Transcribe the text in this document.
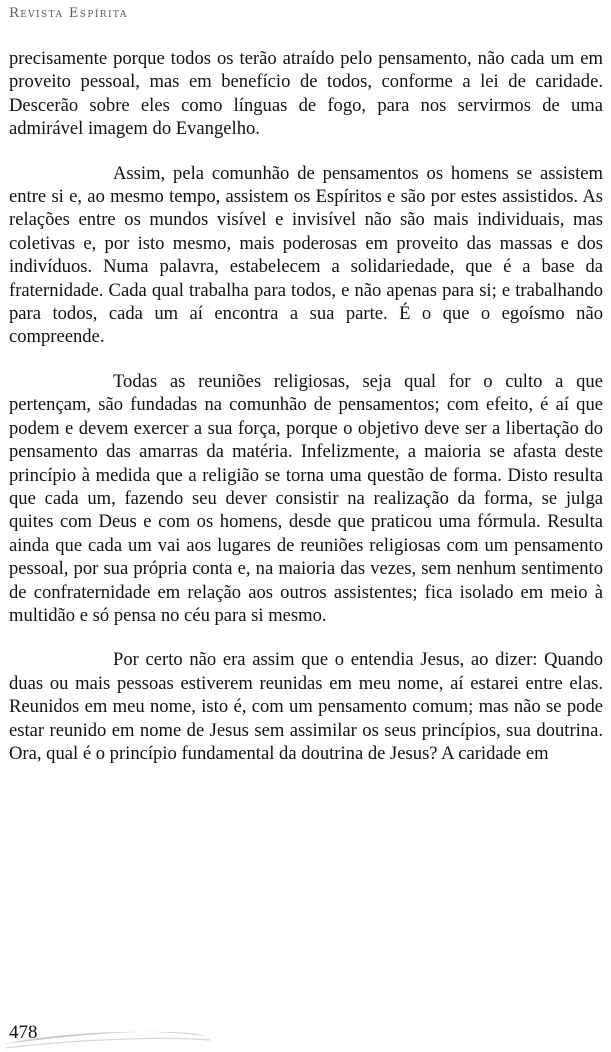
Revista Espírita

precisamente porque todos os terão atraído pelo pensamento, não cada um em proveito pessoal, mas em benefício de todos, conforme a lei de caridade. Descerão sobre eles como línguas de fogo, para nos servirmos de uma admirável imagem do Evangelho.

Assim, pela comunhão de pensamentos os homens se assistem entre si e, ao mesmo tempo, assistem os Espíritos e são por estes assistidos. As relações entre os mundos visível e invisível não são mais individuais, mas coletivas e, por isto mesmo, mais poderosas em proveito das massas e dos indivíduos. Numa palavra, estabelecem a solidariedade, que é a base da fraternidade. Cada qual trabalha para todos, e não apenas para si; e trabalhando para todos, cada um aí encontra a sua parte. É o que o egoísmo não compreende.

Todas as reuniões religiosas, seja qual for o culto a que pertençam, são fundadas na comunhão de pensamentos; com efeito, é aí que podem e devem exercer a sua força, porque o objetivo deve ser a libertação do pensamento das amarras da matéria. Infelizmente, a maioria se afasta deste princípio à medida que a religião se torna uma questão de forma. Disto resulta que cada um, fazendo seu dever consistir na realização da forma, se julga quites com Deus e com os homens, desde que praticou uma fórmula. Resulta ainda que cada um vai aos lugares de reuniões religiosas com um pensamento pessoal, por sua própria conta e, na maioria das vezes, sem nenhum sentimento de confraternidade em relação aos outros assistentes; fica isolado em meio à multidão e só pensa no céu para si mesmo.

Por certo não era assim que o entendia Jesus, ao dizer: Quando duas ou mais pessoas estiverem reunidas em meu nome, aí estarei entre elas. Reunidos em meu nome, isto é, com um pensamento comum; mas não se pode estar reunido em nome de Jesus sem assimilar os seus princípios, sua doutrina. Ora, qual é o princípio fundamental da doutrina de Jesus? A caridade em

478
